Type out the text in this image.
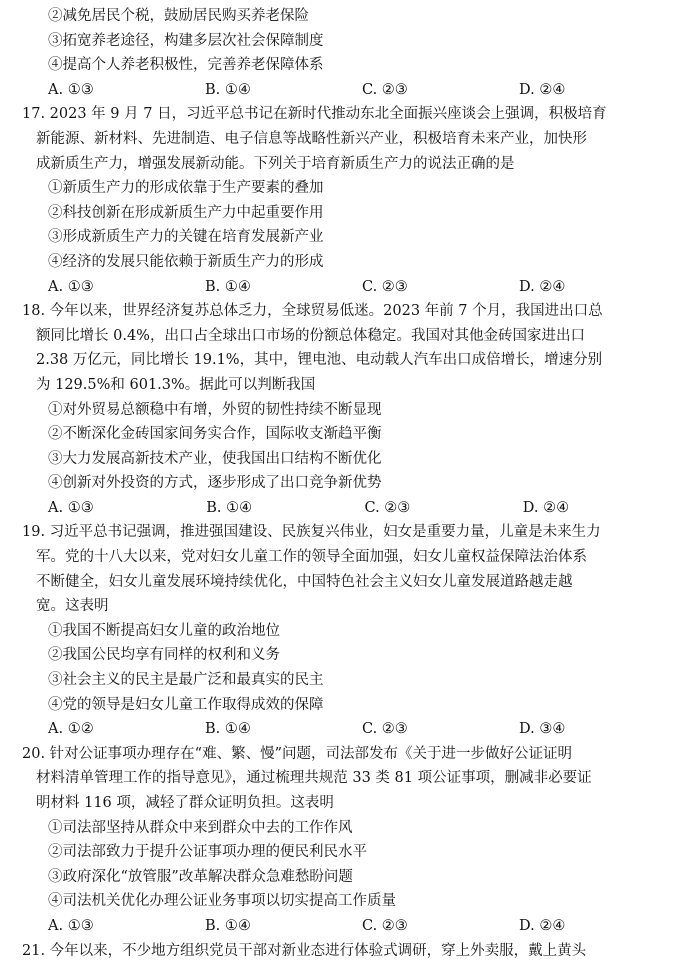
②减免居民个税，鼓励居民购买养老保险
③拓宽养老途径，构建多层次社会保障制度
④提高个人养老积极性，完善养老保障体系
A. ①③	B. ①④	C. ②③	D. ②④
17. 2023 年 9 月 7 日，习近平总书记在新时代推动东北全面振兴座谈会上强调，积极培育
新能源、新材料、先进制造、电子信息等战略性新兴产业，积极培育未来产业，加快形
成新质生产力，增强发展新动能。下列关于培育新质生产力的说法正确的是
①新质生产力的形成依靠于生产要素的叠加
②科技创新在形成新质生产力中起重要作用
③形成新质生产力的关键在培育发展新产业
④经济的发展只能依赖于新质生产力的形成
A. ①③	B. ①④	C. ②③	D. ②④
18. 今年以来，世界经济复苏总体乏力，全球贸易低迷。2023 年前 7 个月，我国进出口总
额同比增长 0.4%，出口占全球出口市场的份额总体稳定。我国对其他金砖国家进出口
2.38 万亿元，同比增长 19.1%，其中，锂电池、电动载人汽车出口成倍增长，增速分别
为 129.5%和 601.3%。据此可以判断我国
①对外贸易总额稳中有增，外贸的韧性持续不断显现
②不断深化金砖国家间务实合作，国际收支渐趋平衡
③大力发展高新技术产业，使我国出口结构不断优化
④创新对外投资的方式，逐步形成了出口竞争新优势
A. ①③	B. ①④	C. ②③	D. ②④
19. 习近平总书记强调，推进强国建设、民族复兴伟业，妇女是重要力量，儿童是未来生力
军。党的十八大以来，党对妇女儿童工作的领导全面加强，妇女儿童权益保障法治体系
不断健全，妇女儿童发展环境持续优化，中国特色社会主义妇女儿童发展道路越走越
宽。这表明
①我国不断提高妇女儿童的政治地位
②我国公民均享有同样的权利和义务
③社会主义的民主是最广泛和最真实的民主
④党的领导是妇女儿童工作取得成效的保障
A. ①②	B. ①④	C. ②③	D. ③④
20. 针对公证事项办理存在“难、繁、慢”问题，司法部发布《关于进一步做好公证证明
材料清单管理工作的指导意见》，通过梳理共规范 33 类 81 项公证事项，删减非必要证
明材料 116 项，减轻了群众证明负担。这表明
①司法部坚持从群众中来到群众中去的工作作风
②司法部致力于提升公证事项办理的便民利民水平
③政府深化“放管服”改革解决群众急难愁盼问题
④司法机关优化办理公证业务事项以切实提高工作质量
A. ①③	B. ①④	C. ②③	D. ②④
21. 今年以来，不少地方组织党员干部对新业态进行体验式调研，穿上外卖服，戴上黄头
